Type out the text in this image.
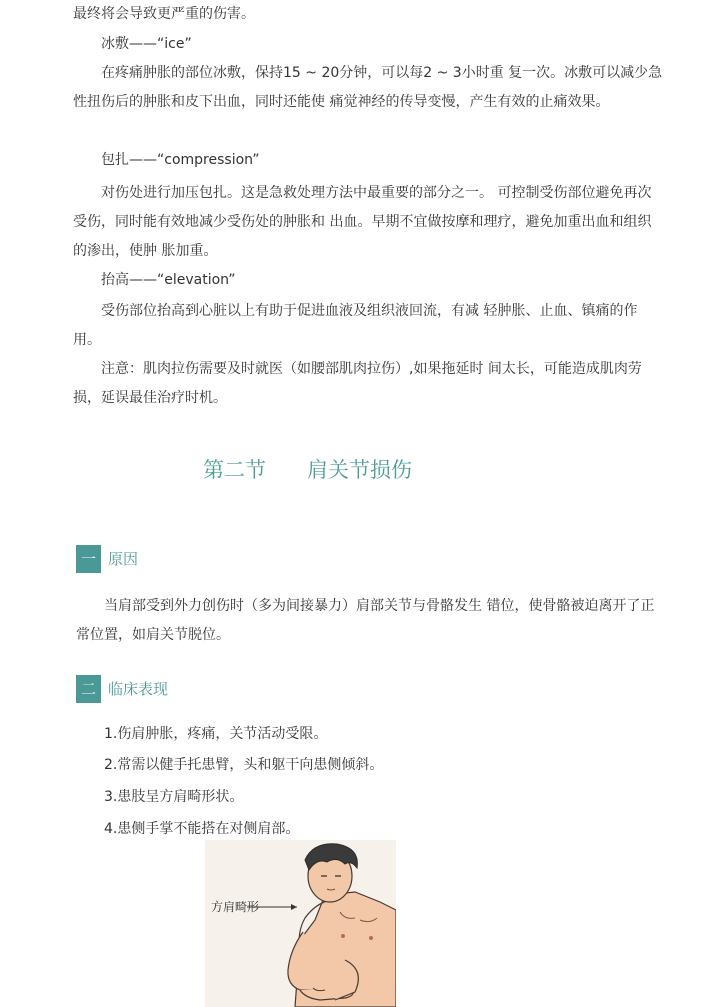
最终将会导致更严重的伤害。

冰敷——“ice”

在疼痛肿胀的部位冰敷，保持15 ~ 20分钟，可以每2 ~ 3小时重 复一次。冰敷可以减少急性扭伤后的肿胀和皮下出血，同时还能使 痛觉神经的传导变慢，产生有效的止痛效果。

包扎——“compression”

对伤处进行加压包扎。这是急救处理方法中最重要的部分之一。 可控制受伤部位避免再次受伤，同时能有效地减少受伤处的肿胀和 出血。早期不宜做按摩和理疗，避免加重出血和组织的渗出，使肿 胀加重。

抬高——“elevation”

受伤部位抬高到心脏以上有助于促进血液及组织液回流，有减 轻肿胀、止血、镇痛的作用。

注意：肌肉拉伤需要及时就医（如腰部肌肉拉伤）,如果拖延时 间太长，可能造成肌肉劳损，延误最佳治疗时机。

第二节 肩关节损伤
一 原因

当肩部受到外力创伤时（多为间接暴力）肩部关节与骨骼发生 错位，使骨骼被迫离开了正常位置，如肩关节脱位。

二 临床表现
1.伤肩肿胀，疼痛，关节活动受限。
2.常需以健手托患臂，头和躯干向患侧倾斜。
3.患肢呈方肩畸形状。
4.患侧手掌不能搭在对侧肩部。
方肩畸形
